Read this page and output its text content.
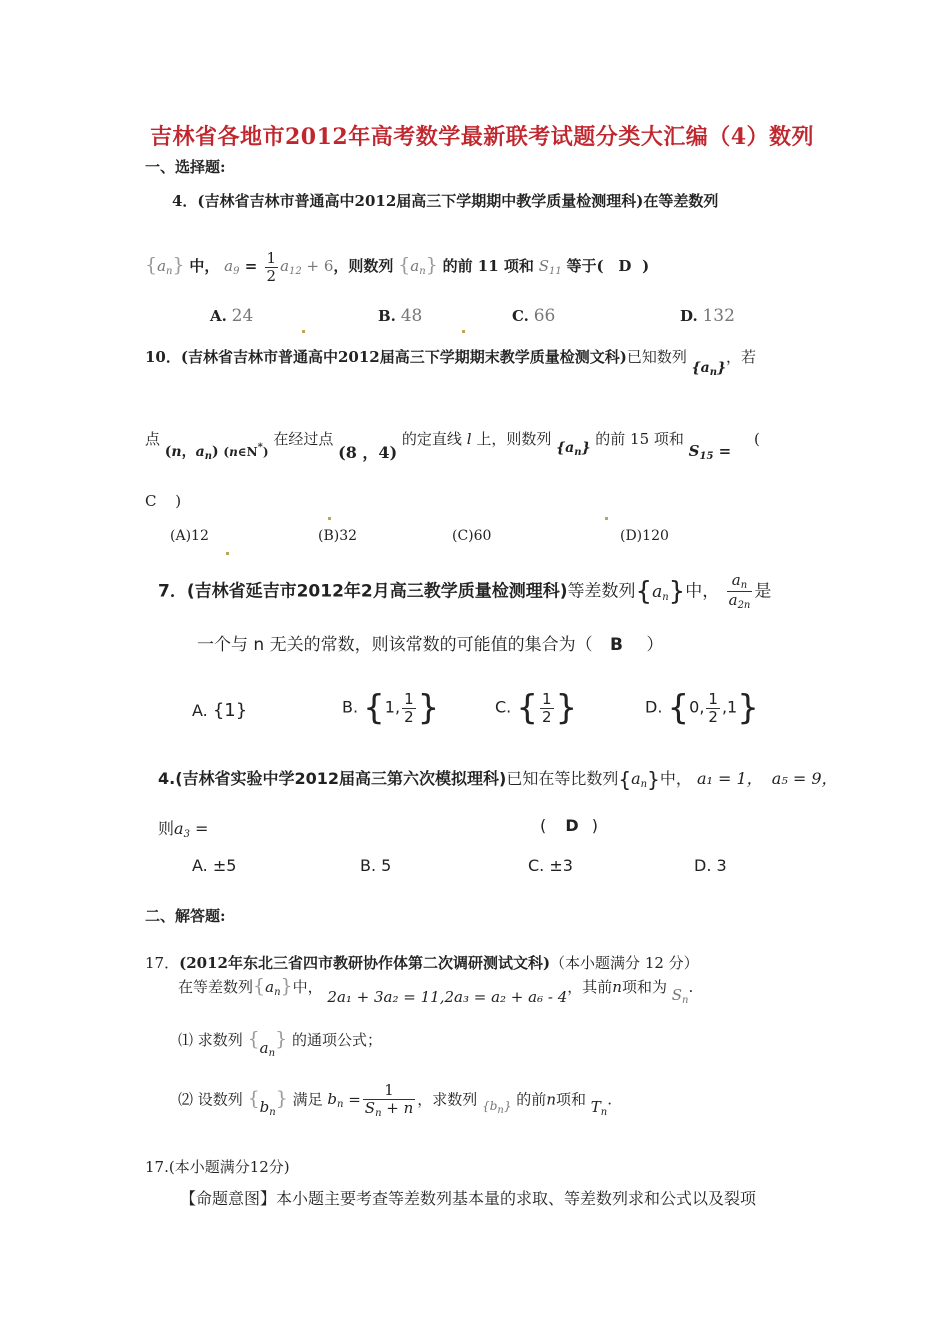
吉林省各地市2012年高考数学最新联考试题分类大汇编（4）数列
一、选择题:
4．(吉林省吉林市普通高中2012届高三下学期期中教学质量检测理科)在等差数列
$\{a_n\}$ 中， $a_9 = \frac{1}{2} a_{12} + 6$，则数列 $\{a_n\}$ 的前 11 项和 $S_{11}$ 等于( D )
A. 24	B. 48	C. 66	D. 132
10．(吉林省吉林市普通高中2012届高三下学期期末教学质量检测文科)已知数列 $\{a_n\}$，若
点 (n，$a_n$) $_{(n\in N^*)}$ 在经过点 (8 ，4) 的定直线 l 上，则数列 $\{a_n\}$ 的前 15 项和 $S_{15}$ = (
C )
(A)12	(B)32	(C)60	(D)120
7．(吉林省延吉市2012年2月高三教学质量检测理科)等差数列$\{a_n\}$中， $\frac{a_n}{a_{2n}}$ 是
一个与 n 无关的常数，则该常数的可能值的集合为（ B ）
A. {1}	B. {1, $\frac{1}{2}$ }	C. { $\frac{1}{2}$ }	D. {0, $\frac{1}{2} ,1$}
4.(吉林省实验中学2012届高三第六次模拟理科)已知在等比数列$\{a_n\}$中， a₁ = 1， a₅ = 9，
则$a_3$ =	( D )
A. ±5	B. 5	C. ±3	D. 3
二、解答题:
17．(2012年东北三省四市教研协作体第二次调研测试文科)（本小题满分 12 分）
在等差数列$\{a_n\}$中， 2a₁ + 3a₂ = 11,2a₃ = a₂ + a₆ - 4，其前n项和为 $S_n$.
⑴ 求数列 $\{a_n\}$ 的通项公式；
⑵ 设数列 $\{b_n\}$ 满足 $b_n = \frac{1}{S_n + n}$ ，求数列 $_{\{b_n\}}$ 的前n项和 $T_n$.
17.(本小题满分12分)
【命题意图】本小题主要考查等差数列基本量的求取、等差数列求和公式以及裂项
